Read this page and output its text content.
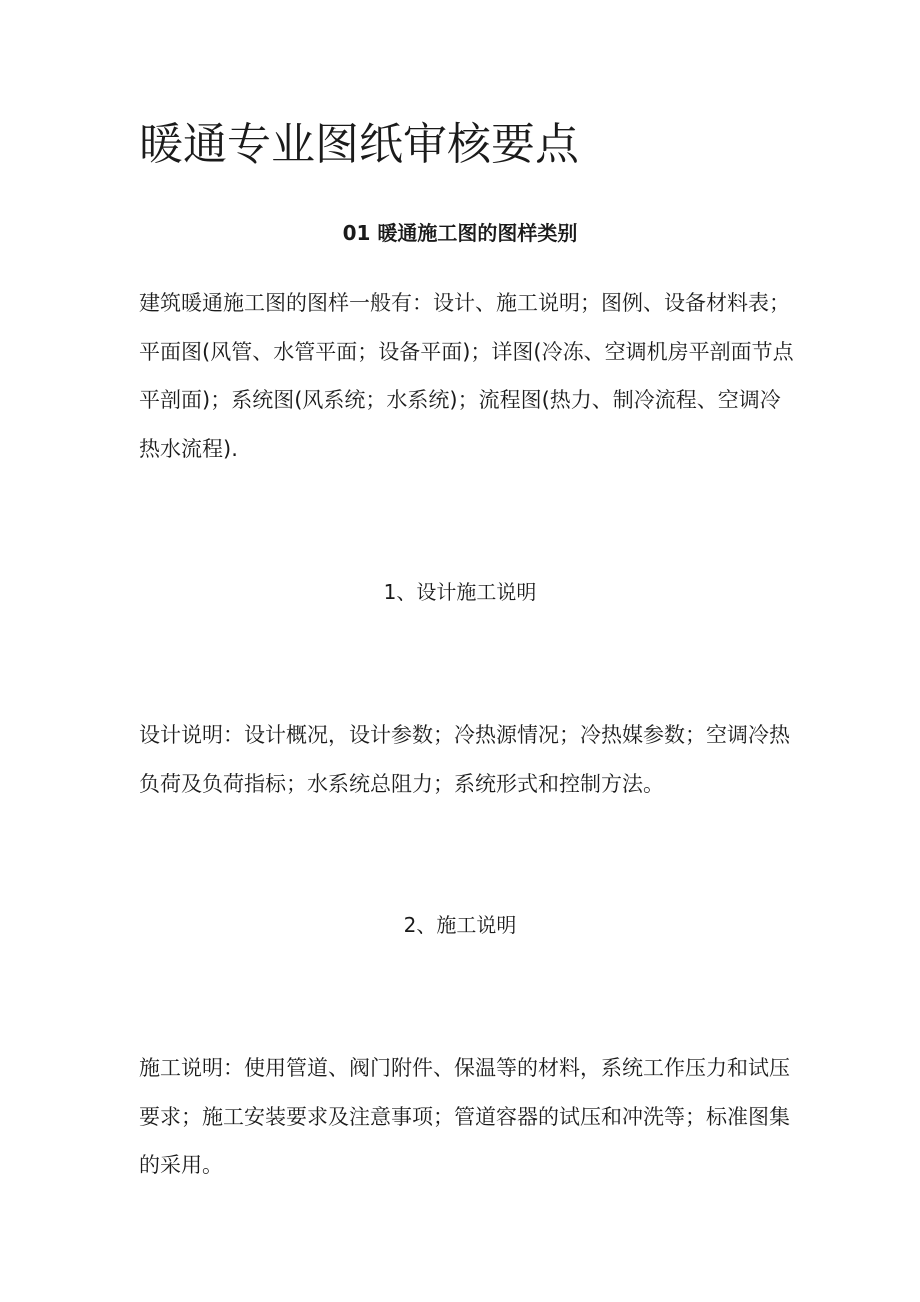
暖通专业图纸审核要点
01 暖通施工图的图样类别

建筑暖通施工图的图样一般有：设计、施工说明；图例、设备材料表；平面图(风管、水管平面；设备平面)；详图(冷冻、空调机房平剖面节点平剖面)；系统图(风系统；水系统)；流程图(热力、制冷流程、空调冷热水流程).

1、设计施工说明

设计说明：设计概况，设计参数；冷热源情况；冷热媒参数；空调冷热负荷及负荷指标；水系统总阻力；系统形式和控制方法。

2、施工说明

施工说明：使用管道、阀门附件、保温等的材料，系统工作压力和试压要求；施工安装要求及注意事项；管道容器的试压和冲洗等；标准图集的采用。
